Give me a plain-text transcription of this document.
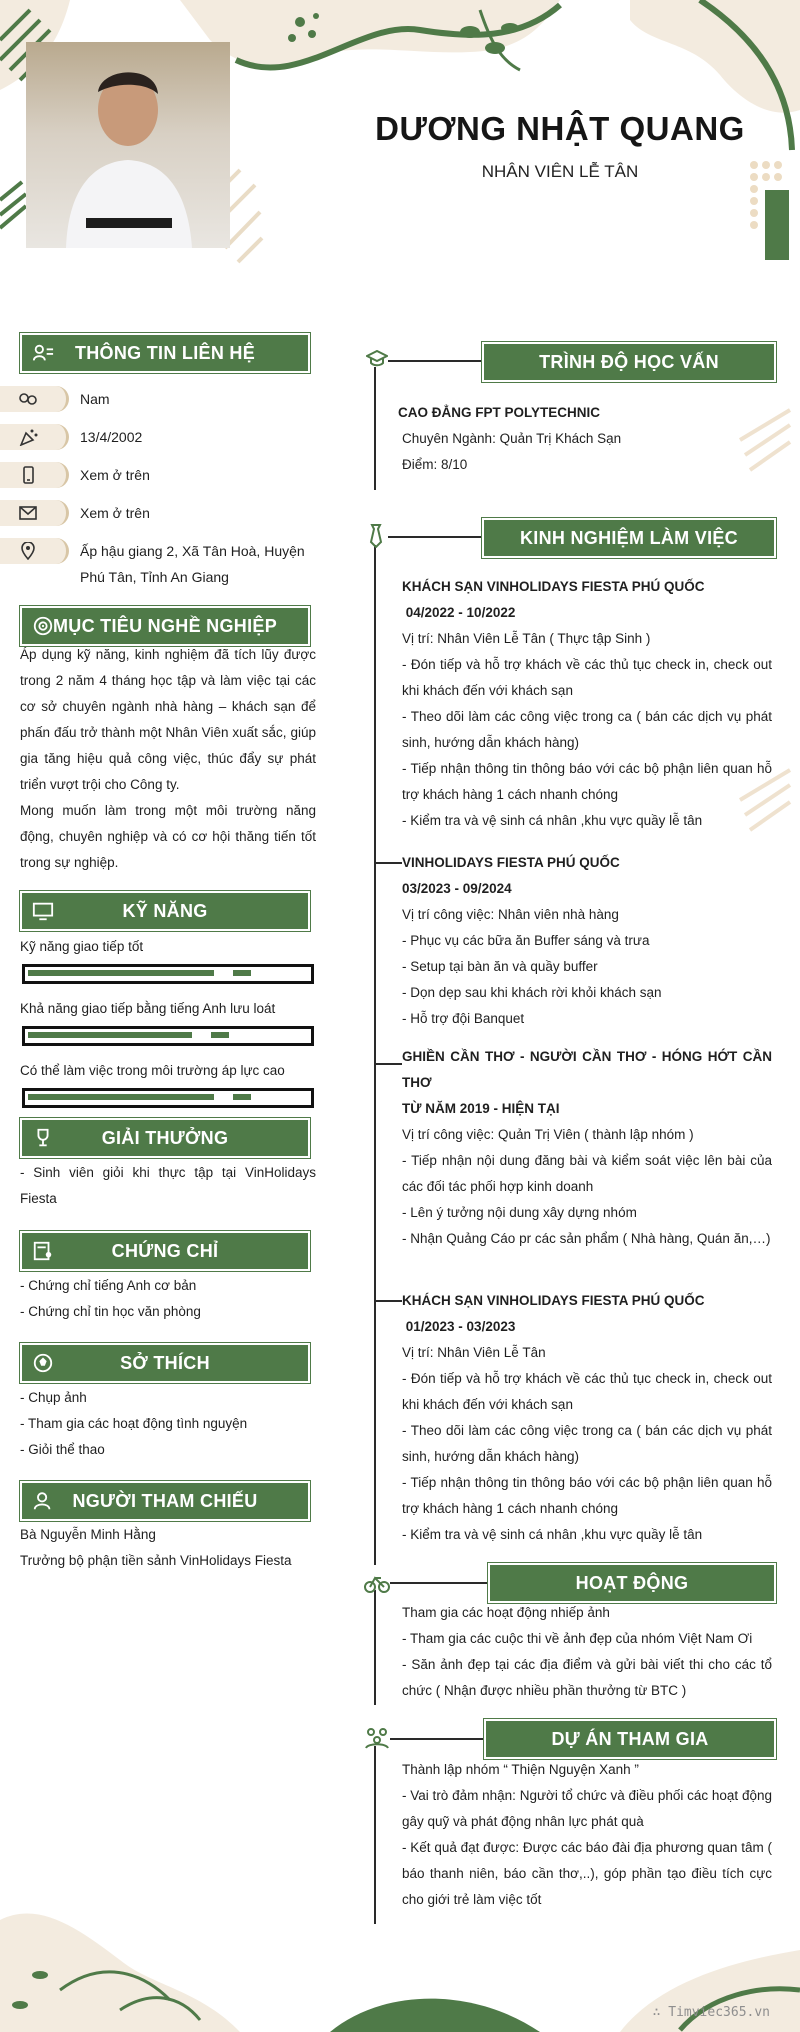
DƯƠNG NHẬT QUANG
NHÂN VIÊN LỄ TÂN
THÔNG TIN LIÊN HỆ
Nam
13/4/2002
Xem ở trên
Xem ở trên
Ấp hậu giang 2, Xã Tân Hoà, Huyện
Phú Tân, Tỉnh An Giang
MỤC TIÊU NGHỀ NGHIỆP
Áp dụng kỹ năng, kinh nghiệm đã tích lũy được trong 2 năm 4 tháng học tập và làm việc tại các cơ sở chuyên ngành nhà hàng – khách sạn để phấn đấu trở thành một Nhân Viên xuất sắc, giúp gia tăng hiệu quả công việc, thúc đẩy sự phát triển vượt trội cho Công ty.
Mong muốn làm trong một môi trường năng động, chuyên nghiệp và có cơ hội thăng tiến tốt trong sự nghiệp.
KỸ NĂNG
Kỹ năng giao tiếp tốt
Khả năng giao tiếp bằng tiếng Anh lưu loát
Có thể làm việc trong môi trường áp lực cao
GIẢI THƯỞNG
- Sinh viên giỏi khi thực tập tại VinHolidays Fiesta
CHỨNG CHỈ
- Chứng chỉ tiếng Anh cơ bản
- Chứng chỉ tin học văn phòng
SỞ THÍCH
- Chụp ảnh
- Tham gia các hoạt động tình nguyện
- Giỏi thể thao
NGƯỜI THAM CHIẾU
Bà Nguyễn Minh Hằng
Trưởng bộ phận tiền sảnh VinHolidays Fiesta
TRÌNH ĐỘ HỌC VẤN
CAO ĐẲNG FPT POLYTECHNIC
Chuyên Ngành: Quản Trị Khách Sạn
Điểm: 8/10
KINH NGHIỆM LÀM VIỆC
KHÁCH SẠN VINHOLIDAYS FIESTA PHÚ QUỐC
04/2022 - 10/2022
Vị trí: Nhân Viên Lễ Tân ( Thực tập Sinh )
- Đón tiếp và hỗ trợ khách về các thủ tục check in, check out khi khách đến với khách sạn
- Theo dõi làm các công việc trong ca ( bán các dịch vụ phát sinh, hướng dẫn khách hàng)
- Tiếp nhận thông tin thông báo với các bộ phận liên quan hỗ trợ khách hàng 1 cách nhanh chóng
- Kiểm tra và vệ sinh cá nhân ,khu vực quầy lễ tân
VINHOLIDAYS FIESTA PHÚ QUỐC
03/2023 - 09/2024
Vị trí công việc: Nhân viên nhà hàng
- Phục vụ các bữa ăn Buffer sáng và trưa
- Setup tại bàn ăn và quầy buffer
- Dọn dẹp sau khi khách rời khỏi khách sạn
- Hỗ trợ đội Banquet
GHIỀN CẦN THƠ - NGƯỜI CẦN THƠ - HÓNG HỚT CẦN THƠ
TỪ NĂM 2019 - HIỆN TẠI
Vị trí công việc: Quản Trị Viên ( thành lập nhóm )
- Tiếp nhận nội dung đăng bài và kiểm soát việc lên bài của các đối tác phối hợp kinh doanh
- Lên ý tưởng nội dung xây dựng nhóm
- Nhận Quảng Cáo pr các sản phẩm ( Nhà hàng, Quán ăn,…)
KHÁCH SẠN VINHOLIDAYS FIESTA PHÚ QUỐC
01/2023 - 03/2023
Vị trí: Nhân Viên Lễ Tân
- Đón tiếp và hỗ trợ khách về các thủ tục check in, check out khi khách đến với khách sạn
- Theo dõi làm các công việc trong ca ( bán các dịch vụ phát sinh, hướng dẫn khách hàng)
- Tiếp nhận thông tin thông báo với các bộ phận liên quan hỗ trợ khách hàng 1 cách nhanh chóng
- Kiểm tra và vệ sinh cá nhân ,khu vực quầy lễ tân
HOẠT ĐỘNG
Tham gia các hoạt động nhiếp ảnh
- Tham gia các cuộc thi về ảnh đẹp của nhóm Việt Nam Ơi
- Săn ảnh đẹp tại các địa điểm và gửi bài viết thi cho các tổ chức ( Nhận được nhiều phần thưởng từ BTC )
DỰ ÁN THAM GIA
Thành lập nhóm “ Thiện Nguyện Xanh ”
- Vai trò đảm nhận: Người tổ chức và điều phối các hoạt động gây quỹ và phát động nhân lực phát quà
- Kết quả đạt được: Được các báo đài địa phương quan tâm ( báo thanh niên, báo cần thơ,..), góp phần tạo điều tích cực cho giới trẻ làm việc tốt
∴ Timviec365.vn
